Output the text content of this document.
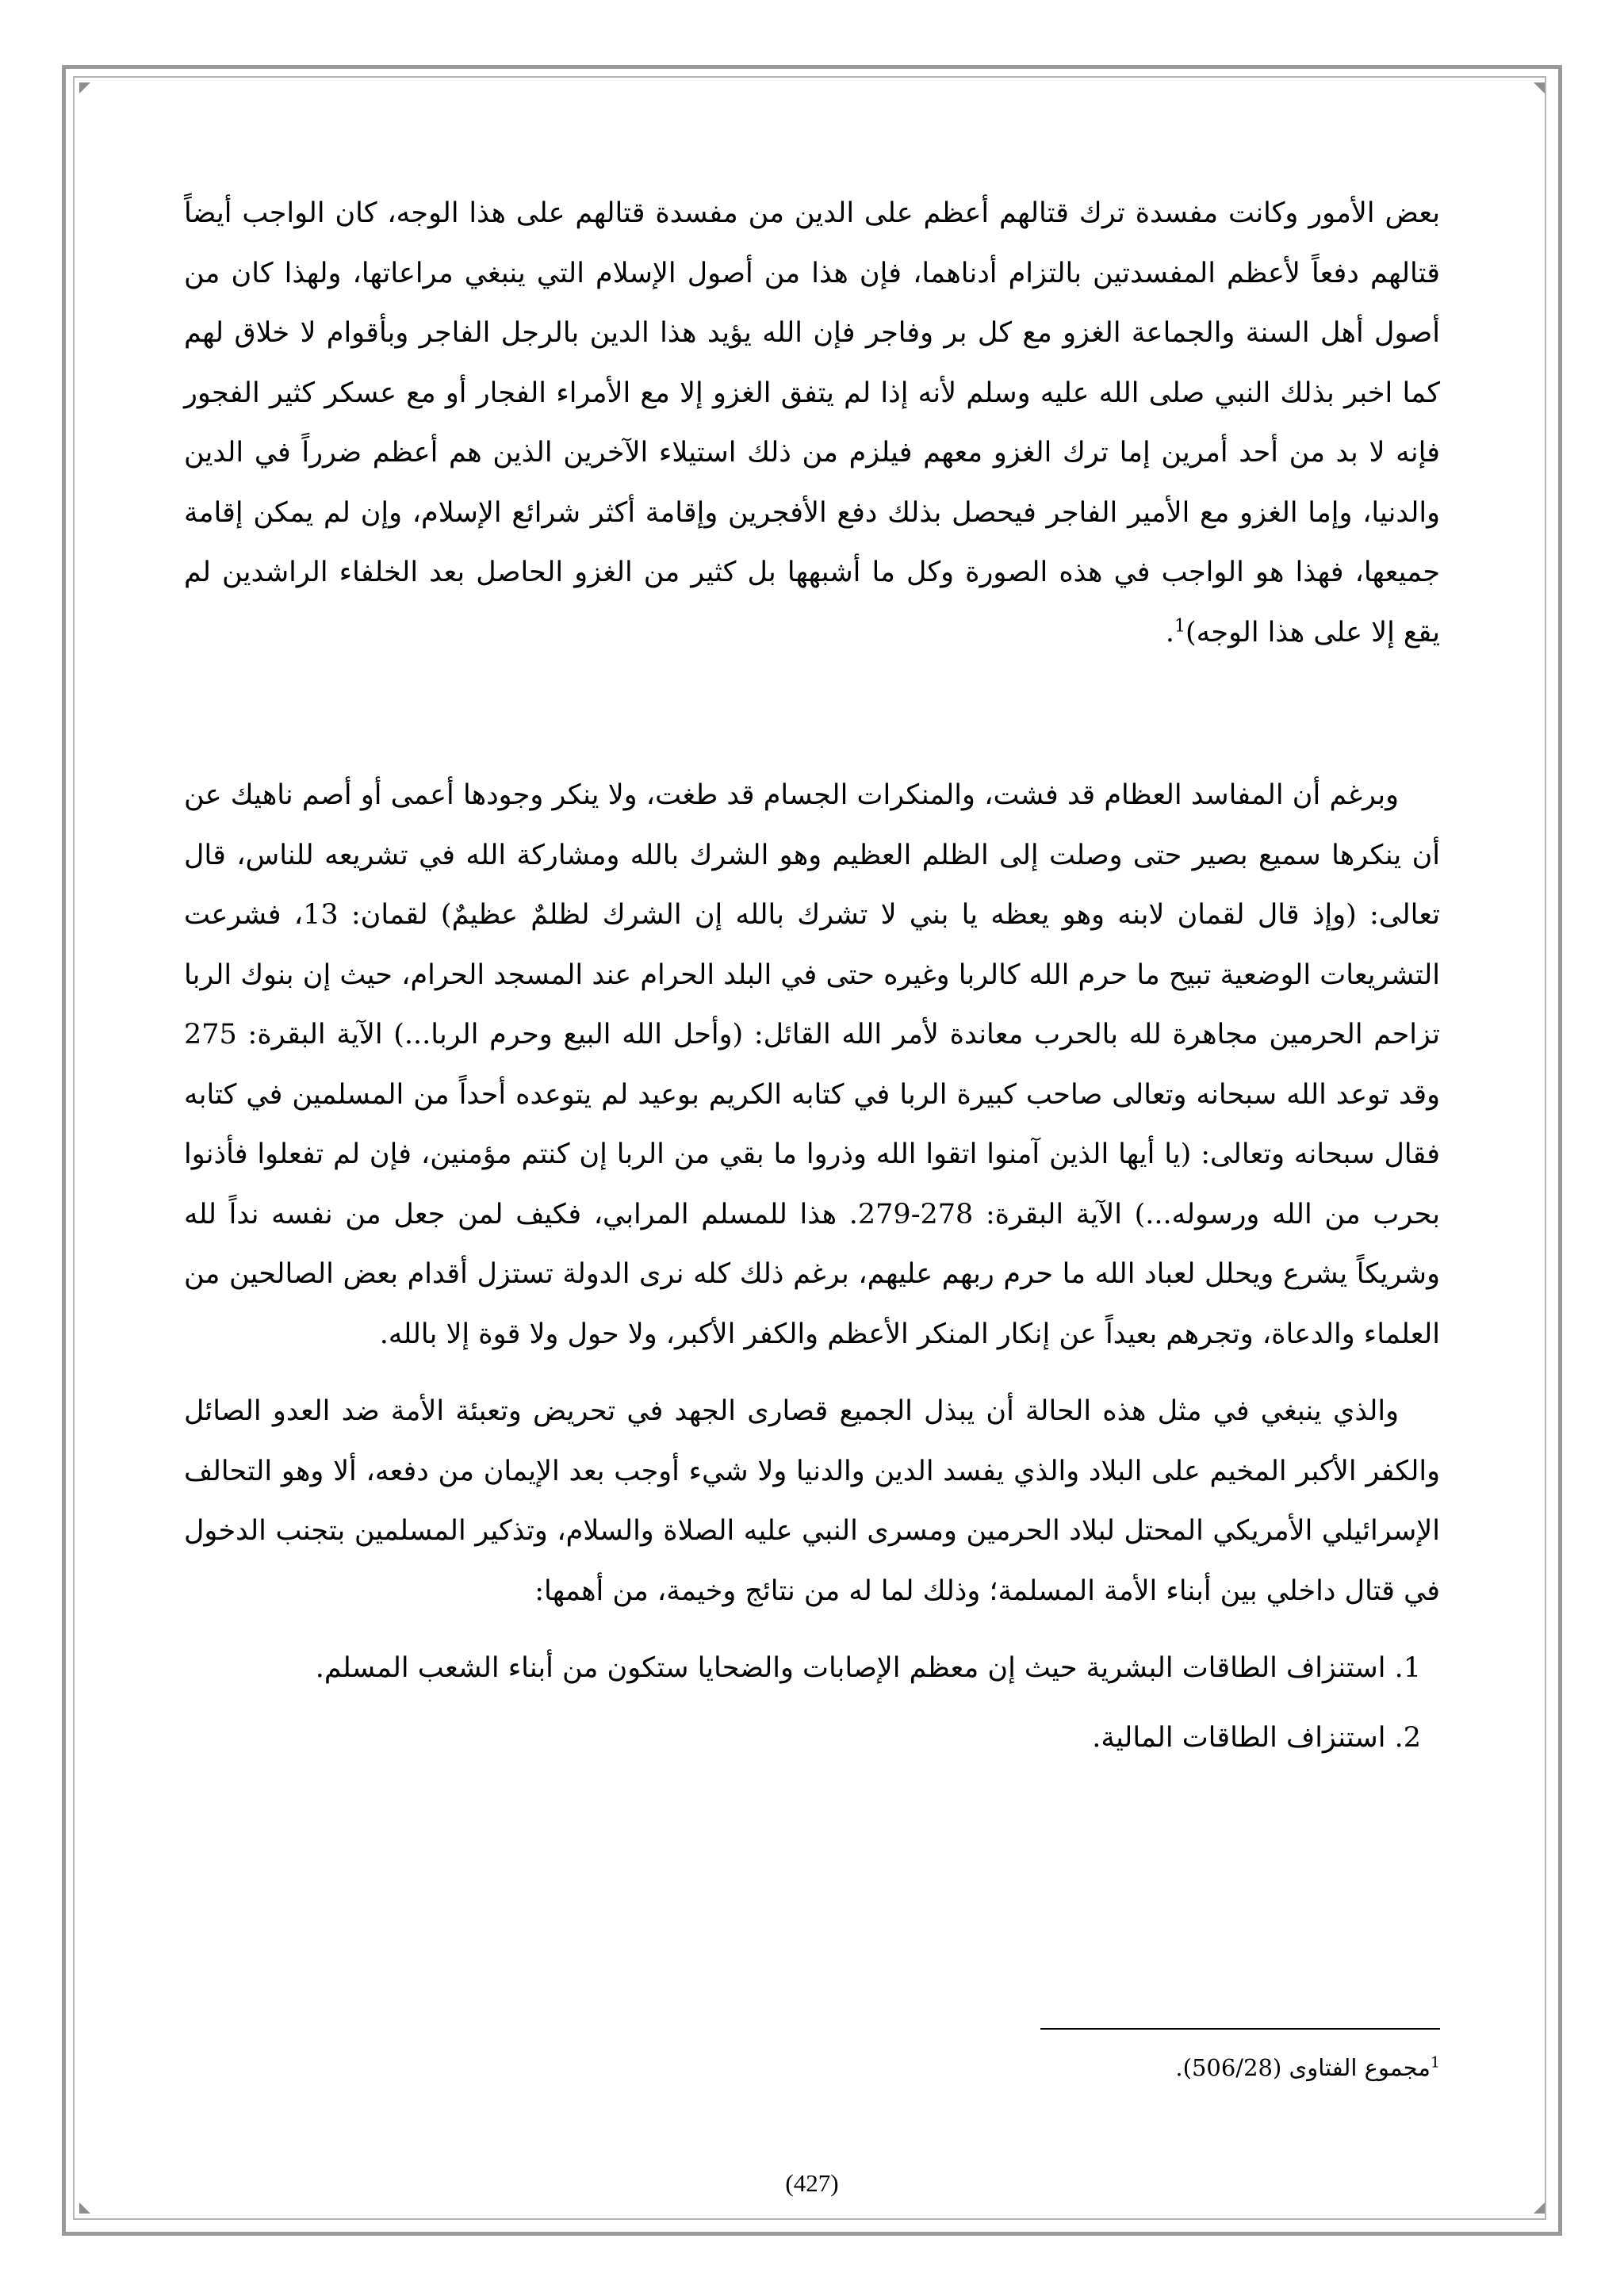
بعض الأمور وكانت مفسدة ترك قتالهم أعظم على الدين من مفسدة قتالهم على هذا الوجه، كان الواجب أيضاً قتالهم دفعاً لأعظم المفسدتين بالتزام أدناهما، فإن هذا من أصول الإسلام التي ينبغي مراعاتها، ولهذا كان من أصول أهل السنة والجماعة الغزو مع كل بر وفاجر فإن الله يؤيد هذا الدين بالرجل الفاجر وبأقوام لا خلاق لهم كما اخبر بذلك النبي صلى الله عليه وسلم لأنه إذا لم يتفق الغزو إلا مع الأمراء الفجار أو مع عسكر كثير الفجور فإنه لا بد من أحد أمرين إما ترك الغزو معهم فيلزم من ذلك استيلاء الآخرين الذين هم أعظم ضرراً في الدين والدنيا، وإما الغزو مع الأمير الفاجر فيحصل بذلك دفع الأفجرين وإقامة أكثر شرائع الإسلام، وإن لم يمكن إقامة جميعها، فهذا هو الواجب في هذه الصورة وكل ما أشبهها بل كثير من الغزو الحاصل بعد الخلفاء الراشدين لم يقع إلا على هذا الوجه)$^1$.

وبرغم أن المفاسد العظام قد فشت، والمنكرات الجسام قد طغت، ولا ينكر وجودها أعمى أو أصم ناهيك عن أن ينكرها سميع بصير حتى وصلت إلى الظلم العظيم وهو الشرك بالله ومشاركة الله في تشريعه للناس، قال تعالى: (وإذ قال لقمان لابنه وهو يعظه يا بني لا تشرك بالله إن الشرك لظلمٌ عظيمٌ) لقمان: 13، فشرعت التشريعات الوضعية تبيح ما حرم الله كالربا وغيره حتى في البلد الحرام عند المسجد الحرام، حيث إن بنوك الربا تزاحم الحرمين مجاهرة لله بالحرب معاندة لأمر الله القائل: (وأحل الله البيع وحرم الربا...) الآية البقرة: 275 وقد توعد الله سبحانه وتعالى صاحب كبيرة الربا في كتابه الكريم بوعيد لم يتوعده أحداً من المسلمين في كتابه فقال سبحانه وتعالى: (يا أيها الذين آمنوا اتقوا الله وذروا ما بقي من الربا إن كنتم مؤمنين، فإن لم تفعلوا فأذنوا بحرب من الله ورسوله...) الآية البقرة: 278-279. هذا للمسلم المرابي، فكيف لمن جعل من نفسه نداً لله وشريكاً يشرع ويحلل لعباد الله ما حرم ربهم عليهم، برغم ذلك كله نرى الدولة تستزل أقدام بعض الصالحين من العلماء والدعاة، وتجرهم بعيداً عن إنكار المنكر الأعظم والكفر الأكبر، ولا حول ولا قوة إلا بالله.

والذي ينبغي في مثل هذه الحالة أن يبذل الجميع قصارى الجهد في تحريض وتعبئة الأمة ضد العدو الصائل والكفر الأكبر المخيم على البلاد والذي يفسد الدين والدنيا ولا شيء أوجب بعد الإيمان من دفعه، ألا وهو التحالف الإسرائيلي الأمريكي المحتل لبلاد الحرمين ومسرى النبي عليه الصلاة والسلام، وتذكير المسلمين بتجنب الدخول في قتال داخلي بين أبناء الأمة المسلمة؛ وذلك لما له من نتائج وخيمة، من أهمها:

1. استنزاف الطاقات البشرية حيث إن معظم الإصابات والضحايا ستكون من أبناء الشعب المسلم.

2. استنزاف الطاقات المالية.

$^1$مجموع الفتاوى (506/28).
(427)
